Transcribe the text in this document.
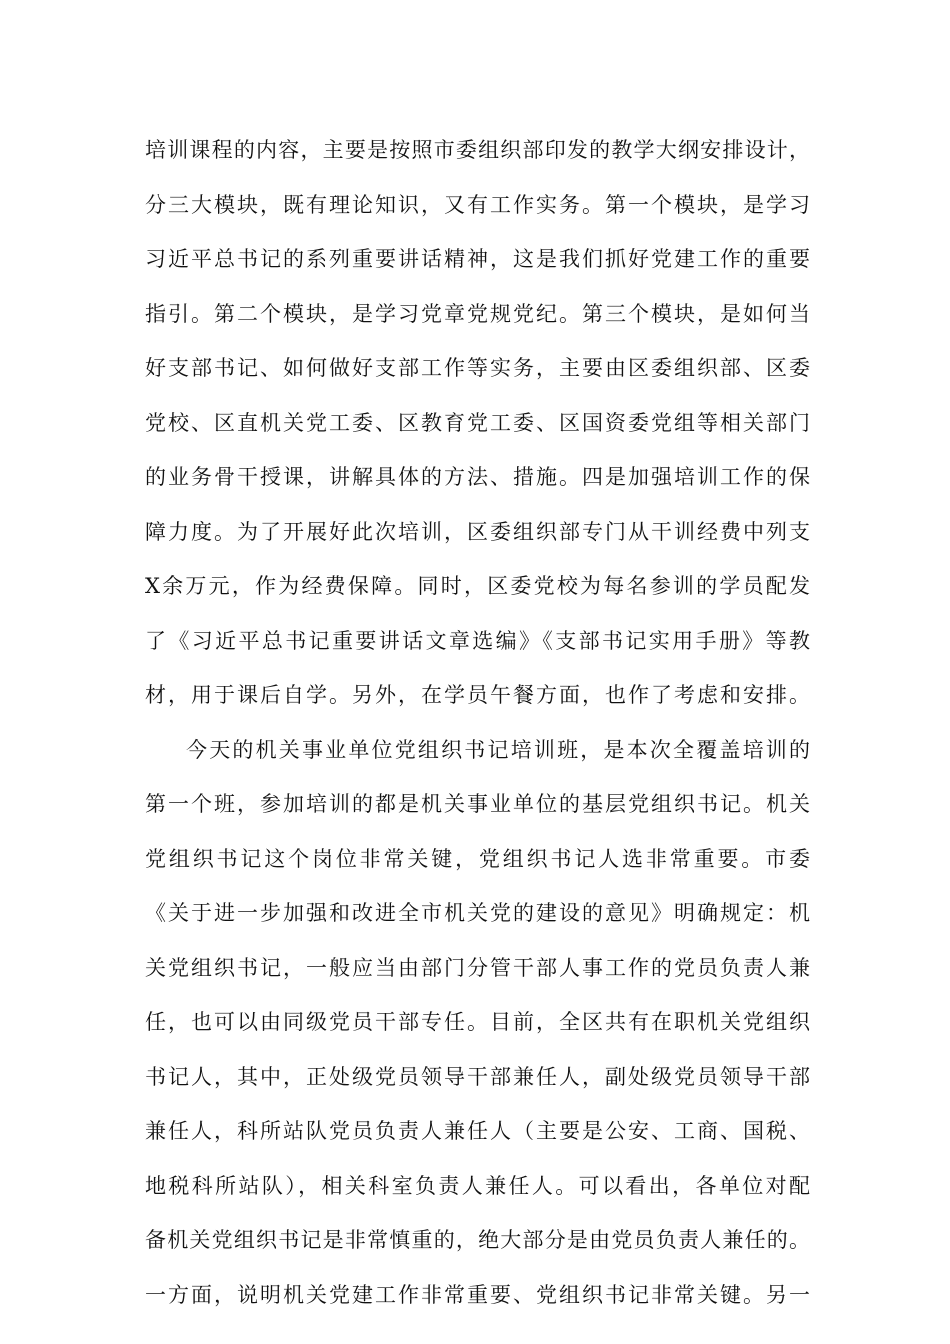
培训课程的内容，主要是按照市委组织部印发的教学大纲安排设计，
分三大模块，既有理论知识，又有工作实务。第一个模块，是学习
习近平总书记的系列重要讲话精神，这是我们抓好党建工作的重要
指引。第二个模块，是学习党章党规党纪。第三个模块，是如何当
好支部书记、如何做好支部工作等实务，主要由区委组织部、区委
党校、区直机关党工委、区教育党工委、区国资委党组等相关部门
的业务骨干授课，讲解具体的方法、措施。四是加强培训工作的保
障力度。为了开展好此次培训，区委组织部专门从干训经费中列支
X余万元，作为经费保障。同时，区委党校为每名参训的学员配发
了《习近平总书记重要讲话文章选编》《支部书记实用手册》等教
材，用于课后自学。另外，在学员午餐方面，也作了考虑和安排。
今天的机关事业单位党组织书记培训班，是本次全覆盖培训的
第一个班，参加培训的都是机关事业单位的基层党组织书记。机关
党组织书记这个岗位非常关键，党组织书记人选非常重要。市委
《关于进一步加强和改进全市机关党的建设的意见》明确规定：机
关党组织书记，一般应当由部门分管干部人事工作的党员负责人兼
任，也可以由同级党员干部专任。目前，全区共有在职机关党组织
书记人，其中，正处级党员领导干部兼任人，副处级党员领导干部
兼任人，科所站队党员负责人兼任人（主要是公安、工商、国税、
地税科所站队），相关科室负责人兼任人。可以看出，各单位对配
备机关党组织书记是非常慎重的，绝大部分是由党员负责人兼任的。
一方面，说明机关党建工作非常重要、党组织书记非常关键。另一
